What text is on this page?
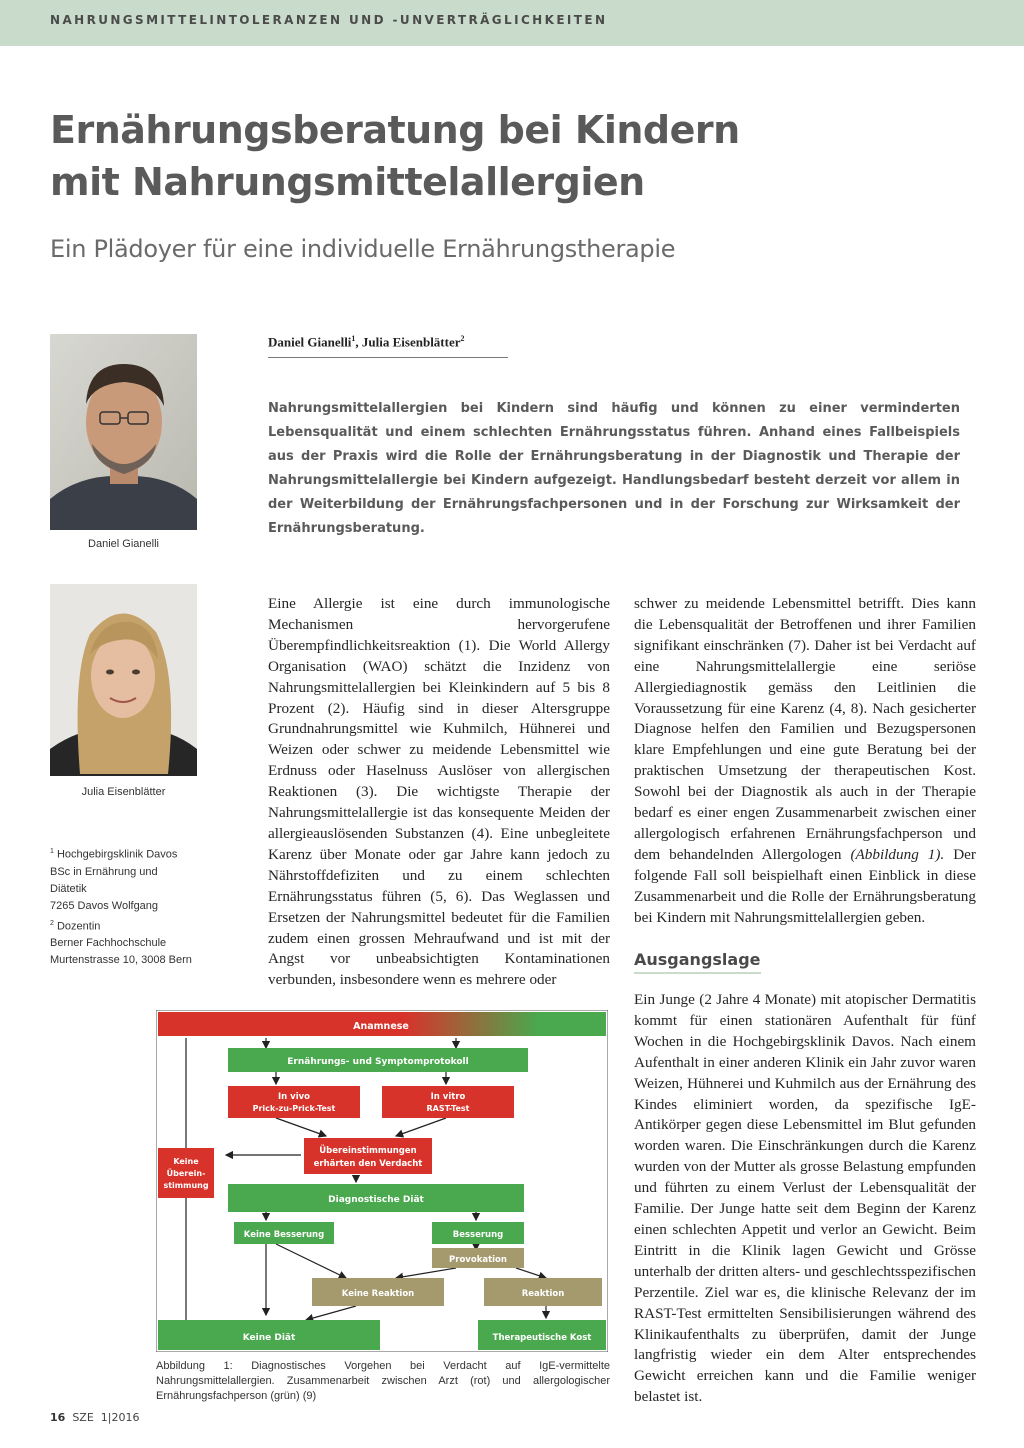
NAHRUNGSMITTELINTOLERANZEN UND -UNVERTRÄGLICHKEITEN
Ernährungsberatung bei Kindern
mit Nahrungsmittelallergien
Ein Plädoyer für eine individuelle Ernährungstherapie
Daniel Gianelli
Julia Eisenblätter
$^1$ Hochgebirgsklinik Davos
BSc in Ernährung und
Diätetik
7265 Davos Wolfgang
$^2$ Dozentin
Berner Fachhochschule
Murtenstrasse 10, 3008 Bern
Daniel Gianelli$^1$, Julia Eisenblätter$^2$
Nahrungsmittelallergien bei Kindern sind häufig und können zu einer verminderten Lebensqualität und einem schlechten Ernährungsstatus führen. Anhand eines Fallbeispiels aus der Praxis wird die Rolle der Ernährungsberatung in der Diagnostik und Therapie der Nahrungsmittelallergie bei Kindern aufgezeigt. Handlungsbedarf besteht derzeit vor allem in der Weiterbildung der Ernährungsfachpersonen und in der Forschung zur Wirksamkeit der Ernährungsberatung.

Eine Allergie ist eine durch immunologische Mechanismen hervorgerufene Überempfindlichkeitsreaktion (1). Die World Allergy Organisation (WAO) schätzt die Inzidenz von Nahrungsmittelallergien bei Kleinkindern auf 5 bis 8 Prozent (2). Häufig sind in dieser Altersgruppe Grundnahrungsmittel wie Kuhmilch, Hühnerei und Weizen oder schwer zu meidende Lebensmittel wie Erdnuss oder Haselnuss Auslöser von allergischen Reaktionen (3). Die wichtigste Therapie der Nahrungsmittelallergie ist das konsequente Meiden der allergieauslösenden Substanzen (4). Eine unbegleitete Karenz über Monate oder gar Jahre kann jedoch zu Nährstoffdefiziten und zu einem schlechten Ernährungsstatus führen (5, 6). Das Weglassen und Ersetzen der Nahrungsmittel bedeutet für die Familien zudem einen grossen Mehraufwand und ist mit der Angst vor unbeabsichtigten Kontaminationen verbunden, insbesondere wenn es mehrere oder

schwer zu meidende Lebensmittel betrifft. Dies kann die Lebensqualität der Betroffenen und ihrer Familien signifikant einschränken (7). Daher ist bei Verdacht auf eine Nahrungsmittelallergie eine seriöse Allergiediagnostik gemäss den Leitlinien die Voraussetzung für eine Karenz (4, 8). Nach gesicherter Diagnose helfen den Familien und Bezugspersonen klare Empfehlungen und eine gute Beratung bei der praktischen Umsetzung der therapeutischen Kost. Sowohl bei der Diagnostik als auch in der Therapie bedarf es einer engen Zusammenarbeit zwischen einer allergologisch erfahrenen Ernährungsfachperson und dem behandelnden Allergologen (Abbildung 1). Der folgende Fall soll beispielhaft einen Einblick in diese Zusammenarbeit und die Rolle der Ernährungsberatung bei Kindern mit Nahrungsmittelallergien geben.

Ausgangslage

Ein Junge (2 Jahre 4 Monate) mit atopischer Dermatitis kommt für einen stationären Aufenthalt für fünf Wochen in die Hochgebirgsklinik Davos. Nach einem Aufenthalt in einer anderen Klinik ein Jahr zuvor waren Weizen, Hühnerei und Kuhmilch aus der Ernährung des Kindes eliminiert worden, da spezifische IgE-Antikörper gegen diese Lebensmittel im Blut gefunden worden waren. Die Einschränkungen durch die Karenz wurden von der Mutter als grosse Belastung empfunden und führten zu einem Verlust der Lebensqualität der Familie. Der Junge hatte seit dem Beginn der Karenz einen schlechten Appetit und verlor an Gewicht. Beim Eintritt in die Klinik lagen Gewicht und Grösse unterhalb der dritten alters- und geschlechtsspezifischen Perzentile. Ziel war es, die klinische Relevanz der im RAST-Test ermittelten Sensibilisierungen während des Klinikaufenthalts zu überprüfen, damit der Junge langfristig wieder ein dem Alter entsprechendes Gewicht erreichen kann und die Familie weniger belastet ist.

Anamnese
Ernährungs- und Symptomprotokoll
In vivo
Prick-zu-Prick-Test
In vitro
RAST-Test
Übereinstimmungen
erhärten den Verdacht
Keine
Überein-
stimmung
Diagnostische Diät
Keine Besserung	Besserung
Provokation
Keine Reaktion	Reaktion
Keine Diät	Therapeutische Kost
Abbildung 1: Diagnostisches Vorgehen bei Verdacht auf IgE-vermittelte Nahrungsmittelallergien. Zusammenarbeit zwischen Arzt (rot) und allergologischer Ernährungsfachperson (grün) (9)
16 SZE 1|2016
